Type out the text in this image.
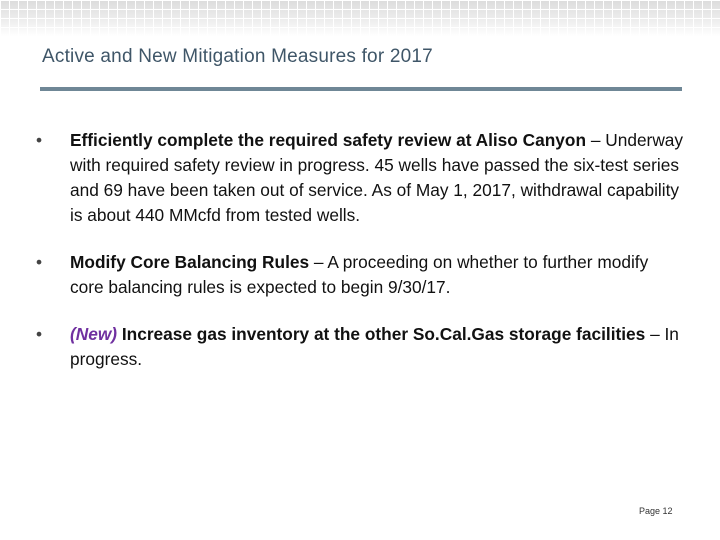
Active and New Mitigation Measures for 2017
• Efficiently complete the required safety review at Aliso Canyon – Underway with required safety review in progress. 45 wells have passed the six-test series and 69 have been taken out of service. As of May 1, 2017, withdrawal capability is about 440 MMcfd from tested wells.
• Modify Core Balancing Rules – A proceeding on whether to further modify core balancing rules is expected to begin 9/30/17.
• (New) Increase gas inventory at the other So.Cal.Gas storage facilities – In progress.
Page 12
